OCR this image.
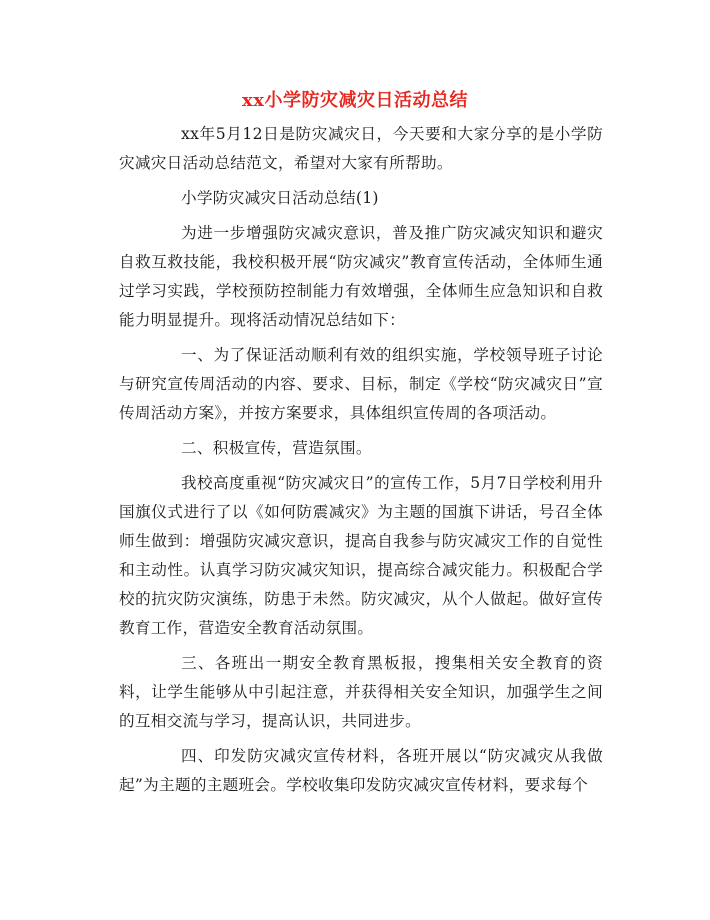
xx小学防灾减灾日活动总结

xx年5月12日是防灾减灾日，今天要和大家分享的是小学防灾减灾日活动总结范文，希望对大家有所帮助。

小学防灾减灾日活动总结(1)

为进一步增强防灾减灾意识，普及推广防灾减灾知识和避灾自救互救技能，我校积极开展“防灾减灾”教育宣传活动，全体师生通过学习实践，学校预防控制能力有效增强，全体师生应急知识和自救能力明显提升。现将活动情况总结如下：

一、为了保证活动顺利有效的组织实施，学校领导班子讨论与研究宣传周活动的内容、要求、目标，制定《学校“防灾减灾日”宣传周活动方案》，并按方案要求，具体组织宣传周的各项活动。

二、积极宣传，营造氛围。

我校高度重视“防灾减灾日”的宣传工作，5月7日学校利用升国旗仪式进行了以《如何防震减灾》为主题的国旗下讲话，号召全体师生做到：增强防灾减灾意识，提高自我参与防灾减灾工作的自觉性和主动性。认真学习防灾减灾知识，提高综合减灾能力。积极配合学校的抗灾防灾演练，防患于未然。防灾减灾，从个人做起。做好宣传教育工作，营造安全教育活动氛围。

三、各班出一期安全教育黑板报，搜集相关安全教育的资料，让学生能够从中引起注意，并获得相关安全知识，加强学生之间的互相交流与学习，提高认识，共同进步。

四、印发防灾减灾宣传材料，各班开展以“防灾减灾从我做起”为主题的主题班会。学校收集印发防灾减灾宣传材料，要求每个
